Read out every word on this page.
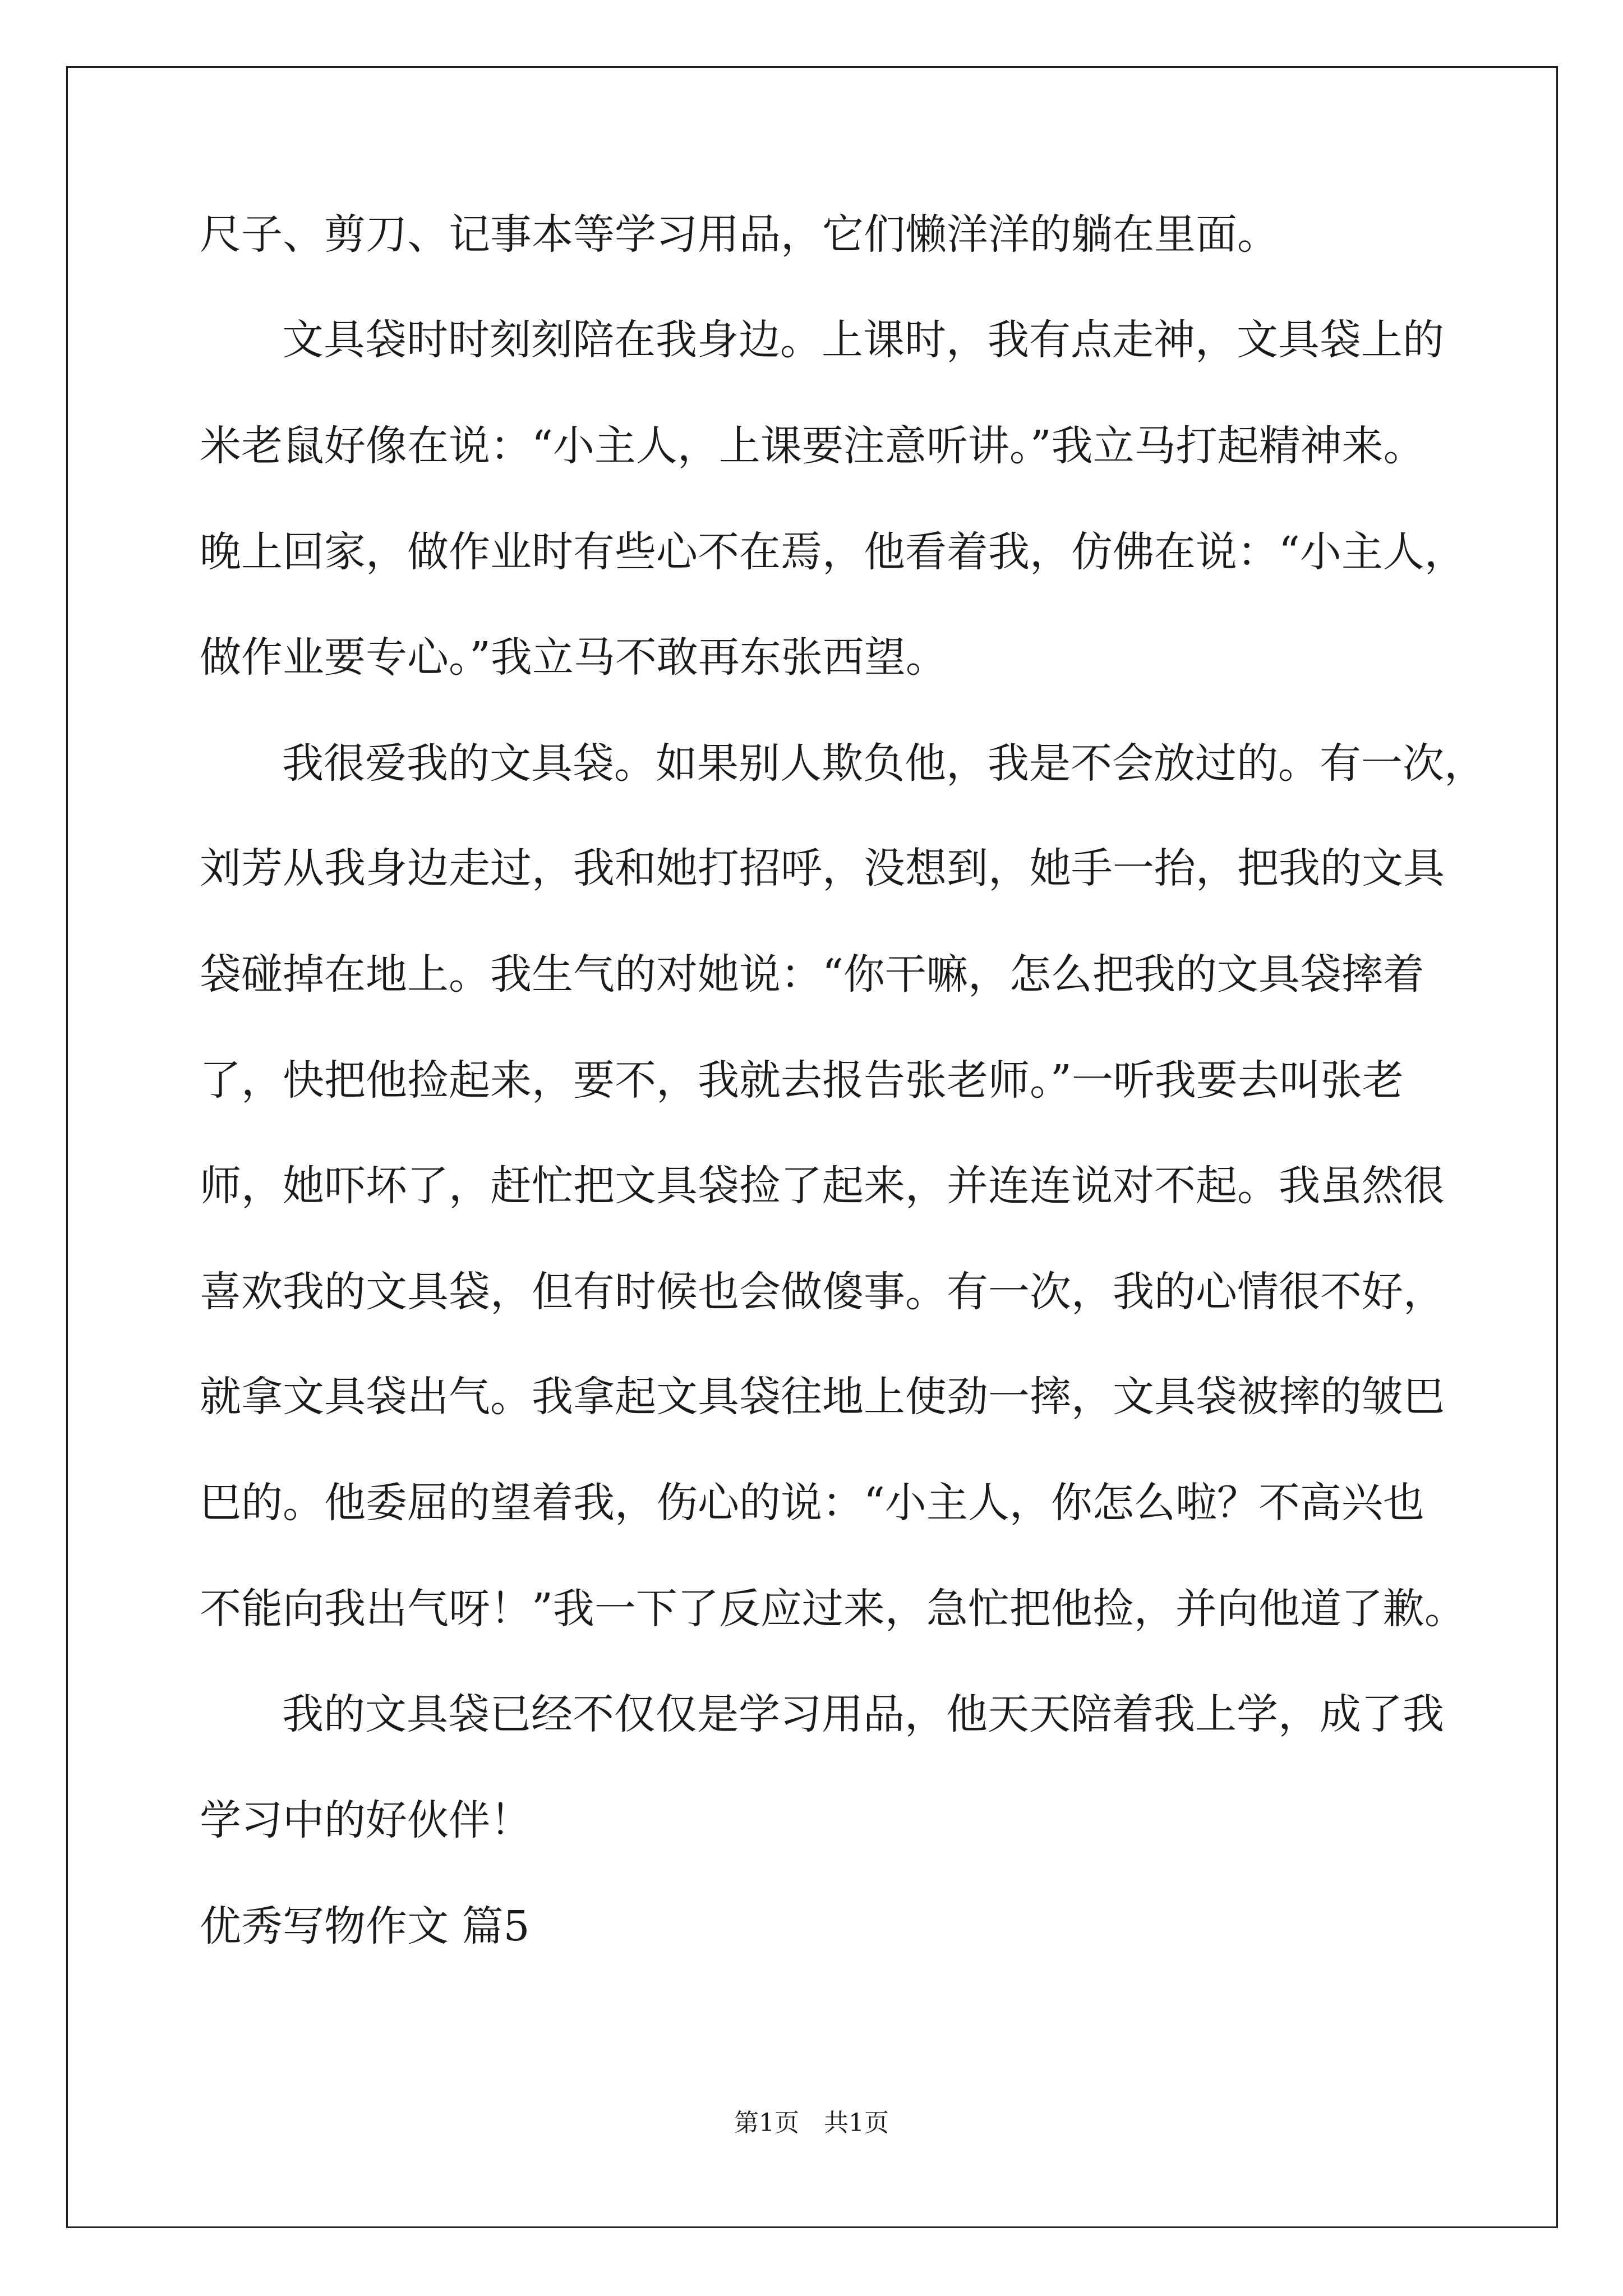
尺子、剪刀、记事本等学习用品，它们懒洋洋的躺在里面。
文具袋时时刻刻陪在我身边。上课时，我有点走神，文具袋上的
米老鼠好像在说：“小主人，上课要注意听讲。”我立马打起精神来。
晚上回家，做作业时有些心不在焉，他看着我，仿佛在说：“小主人，
做作业要专心。”我立马不敢再东张西望。
我很爱我的文具袋。如果别人欺负他，我是不会放过的。有一次，
刘芳从我身边走过，我和她打招呼，没想到，她手一抬，把我的文具
袋碰掉在地上。我生气的对她说：“你干嘛，怎么把我的文具袋摔着
了，快把他捡起来，要不，我就去报告张老师。”一听我要去叫张老
师，她吓坏了，赶忙把文具袋捡了起来，并连连说对不起。我虽然很
喜欢我的文具袋，但有时候也会做傻事。有一次，我的心情很不好，
就拿文具袋出气。我拿起文具袋往地上使劲一摔，文具袋被摔的皱巴
巴的。他委屈的望着我，伤心的说：“小主人，你怎么啦？不高兴也
不能向我出气呀！”我一下了反应过来，急忙把他捡，并向他道了歉。
我的文具袋已经不仅仅是学习用品，他天天陪着我上学，成了我
学习中的好伙伴！
优秀写物作文 篇5
第1页 共1页
